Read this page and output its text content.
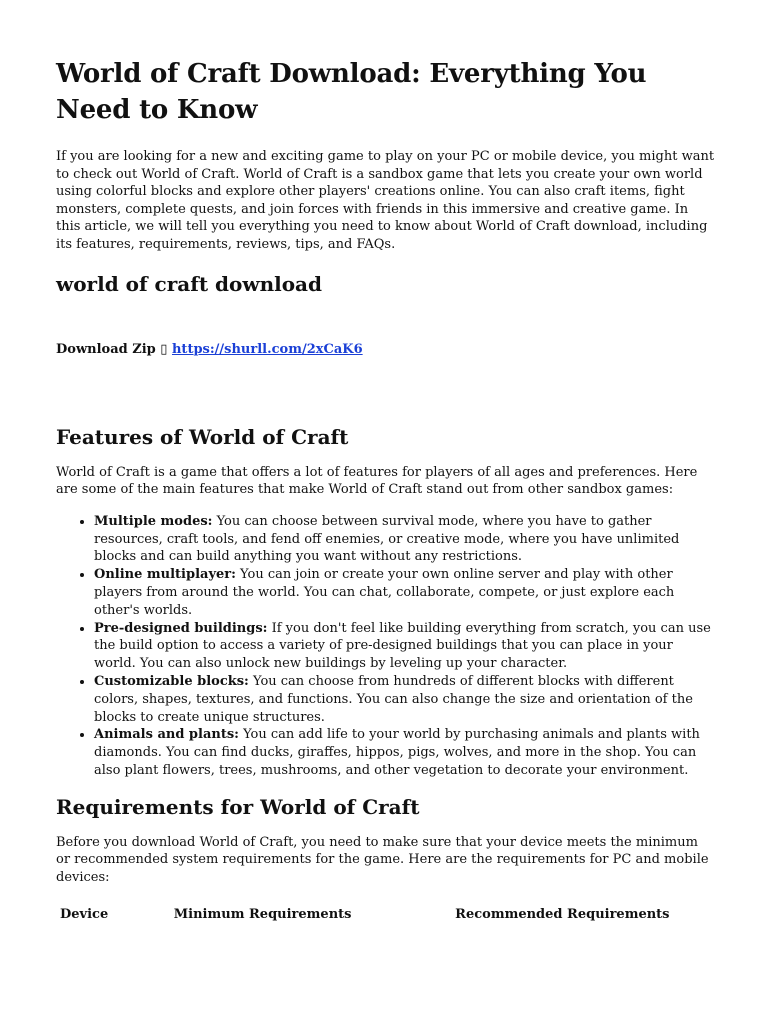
World of Craft Download: Everything You Need to Know

If you are looking for a new and exciting game to play on your PC or mobile device, you might want to check out World of Craft. World of Craft is a sandbox game that lets you create your own world using colorful blocks and explore other players' creations online. You can also craft items, fight monsters, complete quests, and join forces with friends in this immersive and creative game. In this article, we will tell you everything you need to know about World of Craft download, including its features, requirements, reviews, tips, and FAQs.

world of craft download
Download Zip ▯ https://shurll.com/2xCaK6
Features of World of Craft

World of Craft is a game that offers a lot of features for players of all ages and preferences. Here are some of the main features that make World of Craft stand out from other sandbox games:

• Multiple modes: You can choose between survival mode, where you have to gather resources, craft tools, and fend off enemies, or creative mode, where you have unlimited blocks and can build anything you want without any restrictions.
• Online multiplayer: You can join or create your own online server and play with other players from around the world. You can chat, collaborate, compete, or just explore each other's worlds.
• Pre-designed buildings: If you don't feel like building everything from scratch, you can use the build option to access a variety of pre-designed buildings that you can place in your world. You can also unlock new buildings by leveling up your character.
• Customizable blocks: You can choose from hundreds of different blocks with different colors, shapes, textures, and functions. You can also change the size and orientation of the blocks to create unique structures.
• Animals and plants: You can add life to your world by purchasing animals and plants with diamonds. You can find ducks, giraffes, hippos, pigs, wolves, and more in the shop. You can also plant flowers, trees, mushrooms, and other vegetation to decorate your environment.
Requirements for World of Craft

Before you download World of Craft, you need to make sure that your device meets the minimum or recommended system requirements for the game. Here are the requirements for PC and mobile devices:

Device	Minimum Requirements	Recommended Requirements
